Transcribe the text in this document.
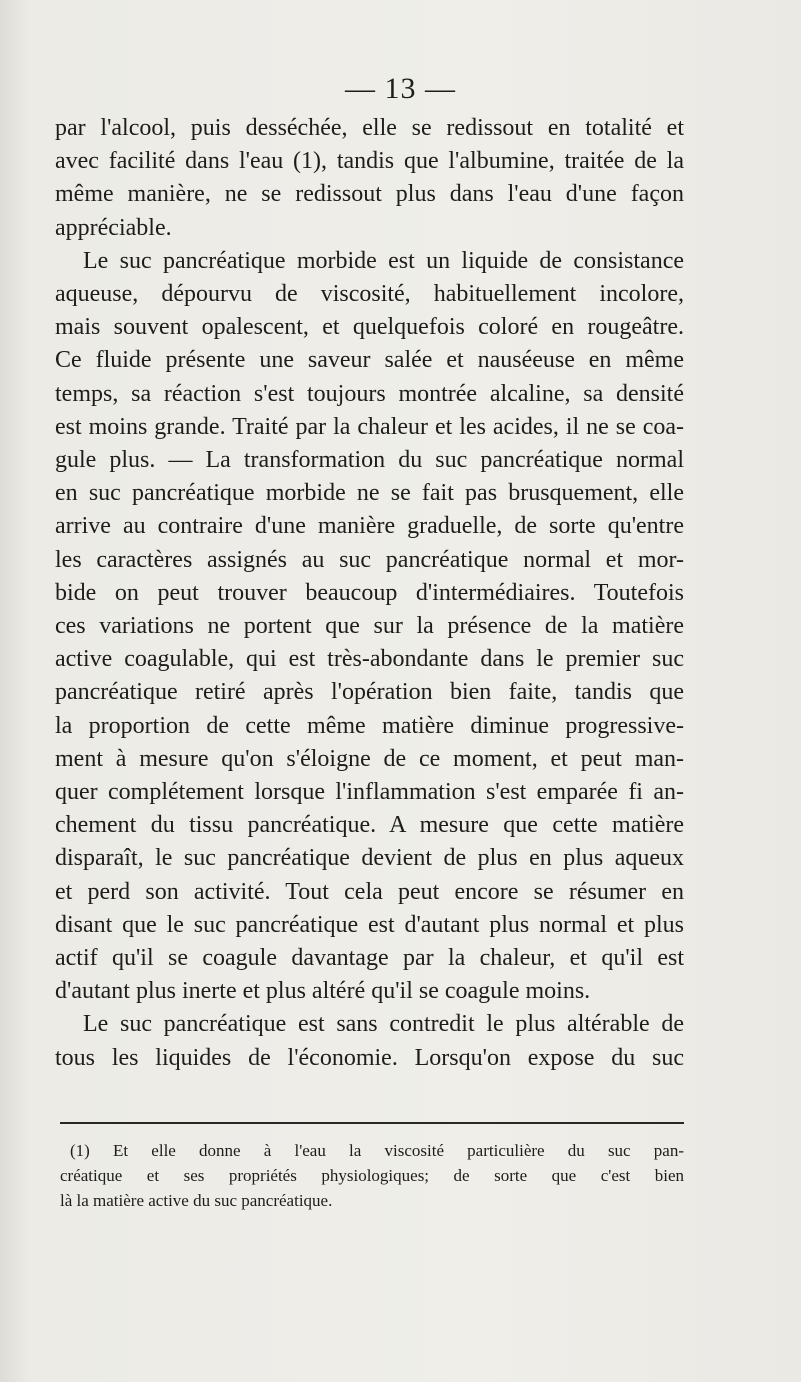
— 13 —
par l'alcool, puis desséchée, elle se redissout en totalité et
avec facilité dans l'eau (1), tandis que l'albumine, traitée de la
même manière, ne se redissout plus dans l'eau d'une façon
appréciable.
Le suc pancréatique morbide est un liquide de consistance
aqueuse, dépourvu de viscosité, habituellement incolore,
mais souvent opalescent, et quelquefois coloré en rougeâtre.
Ce fluide présente une saveur salée et nauséeuse en même
temps, sa réaction s'est toujours montrée alcaline, sa densité
est moins grande. Traité par la chaleur et les acides, il ne se coa-
gule plus. — La transformation du suc pancréatique normal
en suc pancréatique morbide ne se fait pas brusquement, elle
arrive au contraire d'une manière graduelle, de sorte qu'entre
les caractères assignés au suc pancréatique normal et mor-
bide on peut trouver beaucoup d'intermédiaires. Toutefois
ces variations ne portent que sur la présence de la matière
active coagulable, qui est très-abondante dans le premier suc
pancréatique retiré après l'opération bien faite, tandis que
la proportion de cette même matière diminue progressive-
ment à mesure qu'on s'éloigne de ce moment, et peut man-
quer complétement lorsque l'inflammation s'est emparée fi an-
chement du tissu pancréatique. A mesure que cette matière
disparaît, le suc pancréatique devient de plus en plus aqueux
et perd son activité. Tout cela peut encore se résumer en
disant que le suc pancréatique est d'autant plus normal et plus
actif qu'il se coagule davantage par la chaleur, et qu'il est
d'autant plus inerte et plus altéré qu'il se coagule moins.
Le suc pancréatique est sans contredit le plus altérable de
tous les liquides de l'économie. Lorsqu'on expose du suc
(1) Et elle donne à l'eau la viscosité particulière du suc pan-
créatique et ses propriétés physiologiques; de sorte que c'est bien
là la matière active du suc pancréatique.
